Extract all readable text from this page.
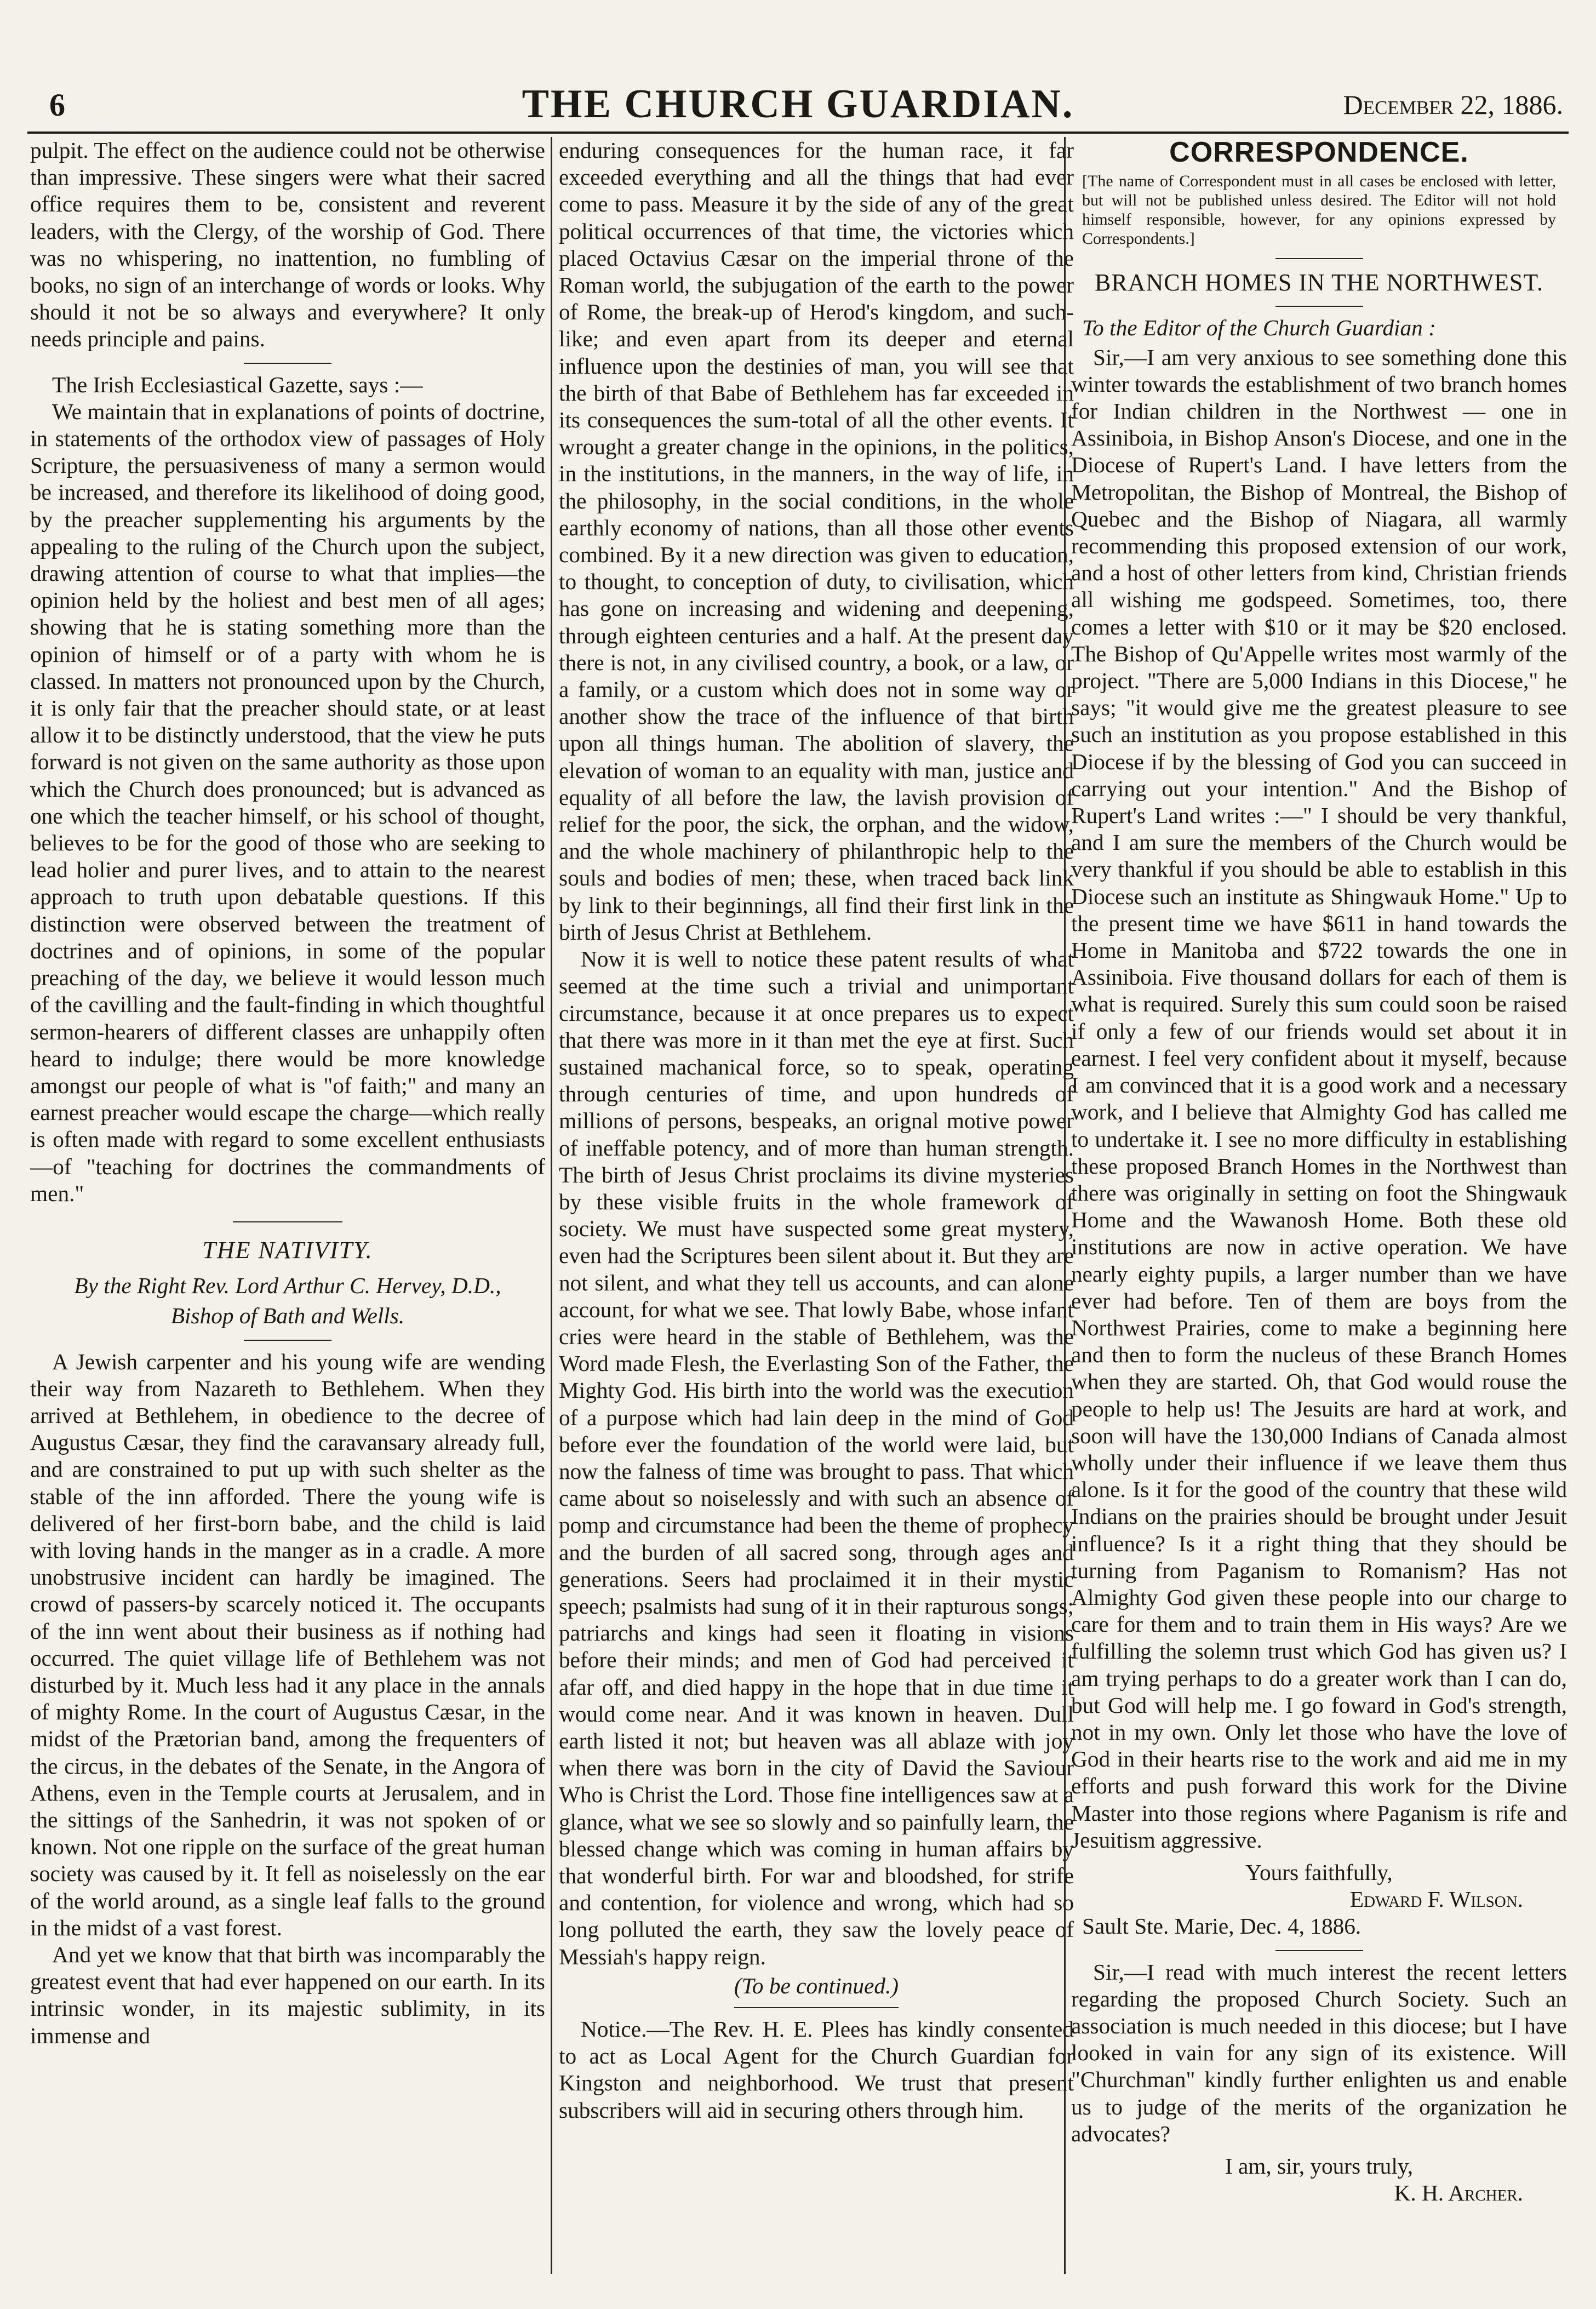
6	THE CHURCH GUARDIAN.	December 22, 1886.

pulpit. The effect on the audience could not be otherwise than impressive. These singers were what their sacred office requires them to be, consistent and reverent leaders, with the Clergy, of the worship of God. There was no whispering, no inattention, no fumbling of books, no sign of an interchange of words or looks. Why should it not be so always and everywhere? It only needs principle and pains.

The Irish Ecclesiastical Gazette, says :—

We maintain that in explanations of points of doctrine, in statements of the orthodox view of passages of Holy Scripture, the persuasiveness of many a sermon would be increased, and therefore its likelihood of doing good, by the preacher supplementing his arguments by the appealing to the ruling of the Church upon the subject, drawing attention of course to what that implies—the opinion held by the holiest and best men of all ages; showing that he is stating something more than the opinion of himself or of a party with whom he is classed. In matters not pronounced upon by the Church, it is only fair that the preacher should state, or at least allow it to be distinctly understood, that the view he puts forward is not given on the same authority as those upon which the Church does pronounced; but is advanced as one which the teacher himself, or his school of thought, believes to be for the good of those who are seeking to lead holier and purer lives, and to attain to the nearest approach to truth upon debatable questions. If this distinction were observed between the treatment of doctrines and of opinions, in some of the popular preaching of the day, we believe it would lesson much of the cavilling and the fault-finding in which thoughtful sermon-hearers of different classes are unhappily often heard to indulge; there would be more knowledge amongst our people of what is "of faith;" and many an earnest preacher would escape the charge—which really is often made with regard to some excellent enthusiasts—of "teaching for doctrines the commandments of men."

THE NATIVITY.
By the Right Rev. Lord Arthur C. Hervey, D.D.,
Bishop of Bath and Wells.

A Jewish carpenter and his young wife are wending their way from Nazareth to Bethlehem. When they arrived at Bethlehem, in obedience to the decree of Augustus Cæsar, they find the caravansary already full, and are constrained to put up with such shelter as the stable of the inn afforded. There the young wife is delivered of her first-born babe, and the child is laid with loving hands in the manger as in a cradle. A more unobstrusive incident can hardly be imagined. The crowd of passers-by scarcely noticed it. The occupants of the inn went about their business as if nothing had occurred. The quiet village life of Bethlehem was not disturbed by it. Much less had it any place in the annals of mighty Rome. In the court of Augustus Cæsar, in the midst of the Prætorian band, among the frequenters of the circus, in the debates of the Senate, in the Angora of Athens, even in the Temple courts at Jerusalem, and in the sittings of the Sanhedrin, it was not spoken of or known. Not one ripple on the surface of the great human society was caused by it. It fell as noiselessly on the ear of the world around, as a single leaf falls to the ground in the midst of a vast forest.

And yet we know that that birth was incomparably the greatest event that had ever happened on our earth. In its intrinsic wonder, in its majestic sublimity, in its immense and

enduring consequences for the human race, it far exceeded everything and all the things that had ever come to pass. Measure it by the side of any of the great political occurrences of that time, the victories which placed Octavius Cæsar on the imperial throne of the Roman world, the subjugation of the earth to the power of Rome, the break-up of Herod's kingdom, and such-like; and even apart from its deeper and eternal influence upon the destinies of man, you will see that the birth of that Babe of Bethlehem has far exceeded in its consequences the sum-total of all the other events. It wrought a greater change in the opinions, in the politics, in the institutions, in the manners, in the way of life, in the philosophy, in the social conditions, in the whole earthly economy of nations, than all those other events combined. By it a new direction was given to education, to thought, to conception of duty, to civilisation, which has gone on increasing and widening and deepening, through eighteen centuries and a half. At the present day there is not, in any civilised country, a book, or a law, or a family, or a custom which does not in some way or another show the trace of the influence of that birth upon all things human. The abolition of slavery, the elevation of woman to an equality with man, justice and equality of all before the law, the lavish provision of relief for the poor, the sick, the orphan, and the widow, and the whole machinery of philanthropic help to the souls and bodies of men; these, when traced back link by link to their beginnings, all find their first link in the birth of Jesus Christ at Bethlehem.

Now it is well to notice these patent results of what seemed at the time such a trivial and unimportant circumstance, because it at once prepares us to expect that there was more in it than met the eye at first. Such sustained machanical force, so to speak, operating through centuries of time, and upon hundreds of millions of persons, bespeaks, an orignal motive power of ineffable potency, and of more than human strength. The birth of Jesus Christ proclaims its divine mysteries by these visible fruits in the whole framework of society. We must have suspected some great mystery, even had the Scriptures been silent about it. But they are not silent, and what they tell us accounts, and can alone account, for what we see. That lowly Babe, whose infant cries were heard in the stable of Bethlehem, was the Word made Flesh, the Everlasting Son of the Father, the Mighty God. His birth into the world was the execution of a purpose which had lain deep in the mind of God before ever the foundation of the world were laid, but now the falness of time was brought to pass. That which came about so noiselessly and with such an absence of pomp and circumstance had been the theme of prophecy and the burden of all sacred song, through ages and generations. Seers had proclaimed it in their mystic speech; psalmists had sung of it in their rapturous songs; patriarchs and kings had seen it floating in visions before their minds; and men of God had perceived it afar off, and died happy in the hope that in due time it would come near. And it was known in heaven. Dull earth listed it not; but heaven was all ablaze with joy when there was born in the city of David the Saviour Who is Christ the Lord. Those fine intelligences saw at a glance, what we see so slowly and so painfully learn, the blessed change which was coming in human affairs by that wonderful birth. For war and bloodshed, for strife and contention, for violence and wrong, which had so long polluted the earth, they saw the lovely peace of Messiah's happy reign.

(To be continued.)

Notice.—The Rev. H. E. Plees has kindly consented to act as Local Agent for the Church Guardian for Kingston and neighborhood. We trust that present subscribers will aid in securing others through him.

CORRESPONDENCE.
[The name of Correspondent must in all cases be enclosed with letter, but will not be published unless desired. The Editor will not hold himself responsible, however, for any opinions expressed by Correspondents.]
BRANCH HOMES IN THE NORTHWEST.
To the Editor of the Church Guardian :

Sir,—I am very anxious to see something done this winter towards the establishment of two branch homes for Indian children in the Northwest — one in Assiniboia, in Bishop Anson's Diocese, and one in the Diocese of Rupert's Land. I have letters from the Metropolitan, the Bishop of Montreal, the Bishop of Quebec and the Bishop of Niagara, all warmly recommending this proposed extension of our work, and a host of other letters from kind, Christian friends all wishing me godspeed. Sometimes, too, there comes a letter with $10 or it may be $20 enclosed. The Bishop of Qu'Appelle writes most warmly of the project. "There are 5,000 Indians in this Diocese," he says; "it would give me the greatest pleasure to see such an institution as you propose established in this Diocese if by the blessing of God you can succeed in carrying out your intention." And the Bishop of Rupert's Land writes :—" I should be very thankful, and I am sure the members of the Church would be very thankful if you should be able to establish in this Diocese such an institute as Shingwauk Home." Up to the present time we have $611 in hand towards the Home in Manitoba and $722 towards the one in Assiniboia. Five thousand dollars for each of them is what is required. Surely this sum could soon be raised if only a few of our friends would set about it in earnest. I feel very confident about it myself, because I am convinced that it is a good work and a necessary work, and I believe that Almighty God has called me to undertake it. I see no more difficulty in establishing these proposed Branch Homes in the Northwest than there was originally in setting on foot the Shingwauk Home and the Wawanosh Home. Both these old institutions are now in active operation. We have nearly eighty pupils, a larger number than we have ever had before. Ten of them are boys from the Northwest Prairies, come to make a beginning here and then to form the nucleus of these Branch Homes when they are started. Oh, that God would rouse the people to help us! The Jesuits are hard at work, and soon will have the 130,000 Indians of Canada almost wholly under their influence if we leave them thus alone. Is it for the good of the country that these wild Indians on the prairies should be brought under Jesuit influence? Is it a right thing that they should be turning from Paganism to Romanism? Has not Almighty God given these people into our charge to care for them and to train them in His ways? Are we fulfilling the solemn trust which God has given us? I am trying perhaps to do a greater work than I can do, but God will help me. I go foward in God's strength, not in my own. Only let those who have the love of God in their hearts rise to the work and aid me in my efforts and push forward this work for the Divine Master into those regions where Paganism is rife and Jesuitism aggressive.

Yours faithfully,
Edward F. Wilson.
Sault Ste. Marie, Dec. 4, 1886.

Sir,—I read with much interest the recent letters regarding the proposed Church Society. Such an association is much needed in this diocese; but I have looked in vain for any sign of its existence. Will "Churchman" kindly further enlighten us and enable us to judge of the merits of the organization he advocates?

I am, sir, yours truly,
K. H. Archer.
